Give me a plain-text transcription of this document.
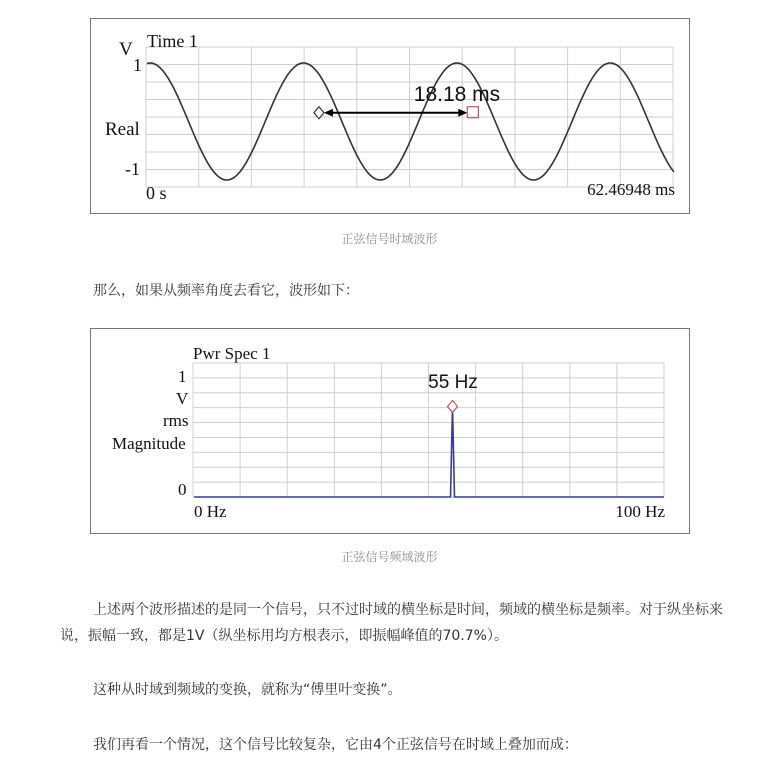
V Time 1
1
Real
-1
0 s	62.46948 ms
18.18 ms
正弦信号时域波形
那么，如果从频率角度去看它，波形如下：
Pwr Spec 1
1
V
rms
Magnitude
0
0 Hz	100 Hz
55 Hz
正弦信号频域波形
上述两个波形描述的是同一个信号，只不过时域的横坐标是时间，频域的横坐标是频率。对于纵坐标来说，振幅一致，都是1V（纵坐标用均方根表示，即振幅峰值的70.7%）。
这种从时域到频域的变换，就称为“傅里叶变换”。
我们再看一个情况，这个信号比较复杂，它由4个正弦信号在时域上叠加而成：
